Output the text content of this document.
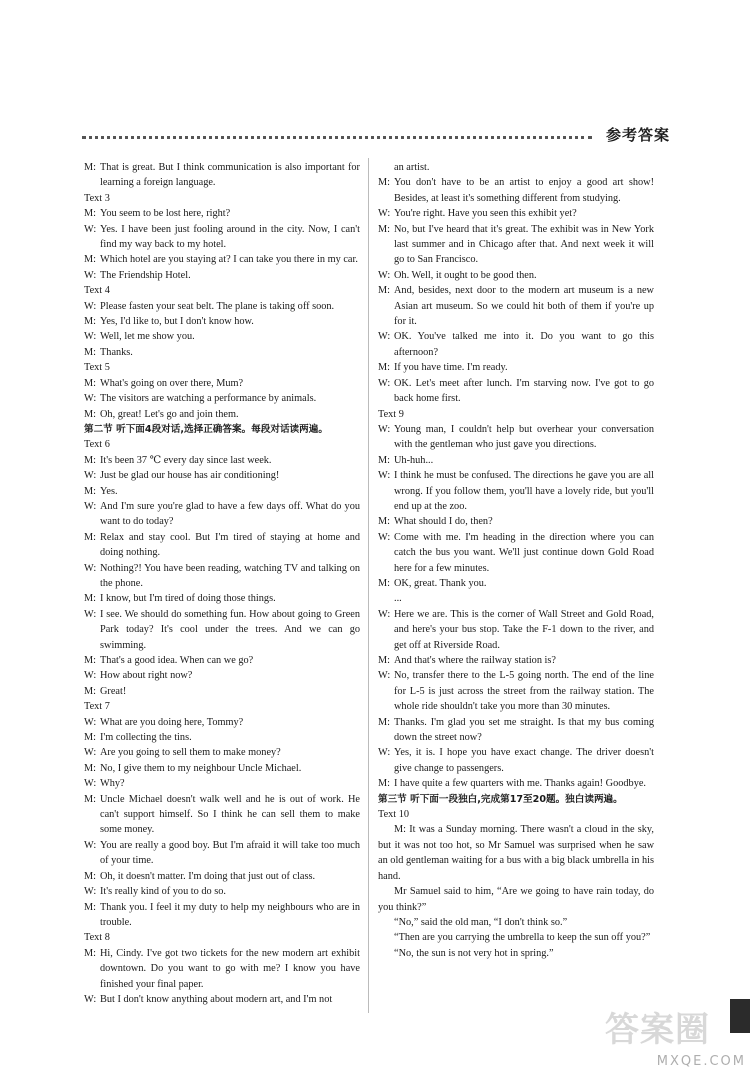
参考答案
M: That is great. But I think communication is also important for learning a foreign language.
Text 3
M: You seem to be lost here, right?
W: Yes. I have been just fooling around in the city. Now, I can't find my way back to my hotel.
M: Which hotel are you staying at? I can take you there in my car.
W: The Friendship Hotel.
Text 4
W: Please fasten your seat belt. The plane is taking off soon.
M: Yes, I'd like to, but I don't know how.
W: Well, let me show you.
M: Thanks.
Text 5
M: What's going on over there, Mum?
W: The visitors are watching a performance by animals.
M: Oh, great! Let's go and join them.
第二节 听下面4段对话,选择正确答案。每段对话读两遍。
Text 6
M: It's been 37 ℃ every day since last week.
W: Just be glad our house has air conditioning!
M: Yes.
W: And I'm sure you're glad to have a few days off. What do you want to do today?
M: Relax and stay cool. But I'm tired of staying at home and doing nothing.
W: Nothing?! You have been reading, watching TV and talking on the phone.
M: I know, but I'm tired of doing those things.
W: I see. We should do something fun. How about going to Green Park today? It's cool under the trees. And we can go swimming.
M: That's a good idea. When can we go?
W: How about right now?
M: Great!
Text 7
W: What are you doing here, Tommy?
M: I'm collecting the tins.
W: Are you going to sell them to make money?
M: No, I give them to my neighbour Uncle Michael.
W: Why?
M: Uncle Michael doesn't walk well and he is out of work. He can't support himself. So I think he can sell them to make some money.
W: You are really a good boy. But I'm afraid it will take too much of your time.
M: Oh, it doesn't matter. I'm doing that just out of class.
W: It's really kind of you to do so.
M: Thank you. I feel it my duty to help my neighbours who are in trouble.
Text 8
M: Hi, Cindy. I've got two tickets for the new modern art exhibit downtown. Do you want to go with me? I know you have finished your final paper.
W: But I don't know anything about modern art, and I'm not
an artist.
M: You don't have to be an artist to enjoy a good art show! Besides, at least it's something different from studying.
W: You're right. Have you seen this exhibit yet?
M: No, but I've heard that it's great. The exhibit was in New York last summer and in Chicago after that. And next week it will go to San Francisco.
W: Oh. Well, it ought to be good then.
M: And, besides, next door to the modern art museum is a new Asian art museum. So we could hit both of them if you're up for it.
W: OK. You've talked me into it. Do you want to go this afternoon?
M: If you have time. I'm ready.
W: OK. Let's meet after lunch. I'm starving now. I've got to go back home first.
Text 9
W: Young man, I couldn't help but overhear your conversation with the gentleman who just gave you directions.
M: Uh-huh...
W: I think he must be confused. The directions he gave you are all wrong. If you follow them, you'll have a lovely ride, but you'll end up at the zoo.
M: What should I do, then?
W: Come with me. I'm heading in the direction where you can catch the bus you want. We'll just continue down Gold Road here for a few minutes.
M: OK, great. Thank you.
...
W: Here we are. This is the corner of Wall Street and Gold Road, and here's your bus stop. Take the F-1 down to the river, and get off at Riverside Road.
M: And that's where the railway station is?
W: No, transfer there to the L-5 going north. The end of the line for L-5 is just across the street from the railway station. The whole ride shouldn't take you more than 30 minutes.
M: Thanks. I'm glad you set me straight. Is that my bus coming down the street now?
W: Yes, it is. I hope you have exact change. The driver doesn't give change to passengers.
M: I have quite a few quarters with me. Thanks again! Goodbye.
第三节 听下面一段独白,完成第17至20题。独白读两遍。
Text 10
M: It was a Sunday morning. There wasn't a cloud in the sky, but it was not too hot, so Mr Samuel was surprised when he saw an old gentleman waiting for a bus with a big black umbrella in his hand.
Mr Samuel said to him, “Are we going to have rain today, do you think?”
“No,” said the old man, “I don't think so.”
“Then are you carrying the umbrella to keep the sun off you?”
“No, the sun is not very hot in spring.”
答案圈
MXQE.COM
